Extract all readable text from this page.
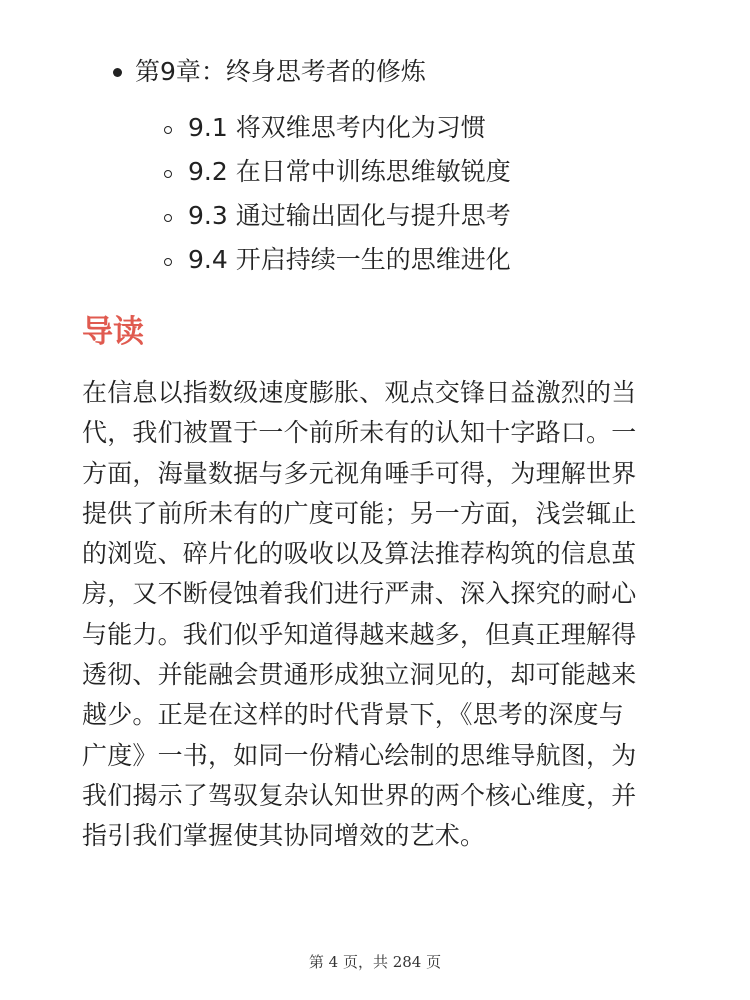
第9章：终身思考者的修炼
9.1 将双维思考内化为习惯
9.2 在日常中训练思维敏锐度
9.3 通过输出固化与提升思考
9.4 开启持续一生的思维进化
导读
在信息以指数级速度膨胀、观点交锋日益激烈的当
代，我们被置于一个前所未有的认知十字路口。一
方面，海量数据与多元视角唾手可得，为理解世界
提供了前所未有的广度可能；另一方面，浅尝辄止
的浏览、碎片化的吸收以及算法推荐构筑的信息茧
房，又不断侵蚀着我们进行严肃、深入探究的耐心
与能力。我们似乎知道得越来越多，但真正理解得
透彻、并能融会贯通形成独立洞见的，却可能越来
越少。正是在这样的时代背景下，《思考的深度与
广度》一书，如同一份精心绘制的思维导航图，为
我们揭示了驾驭复杂认知世界的两个核心维度，并
指引我们掌握使其协同增效的艺术。
第 4 页，共 284 页
